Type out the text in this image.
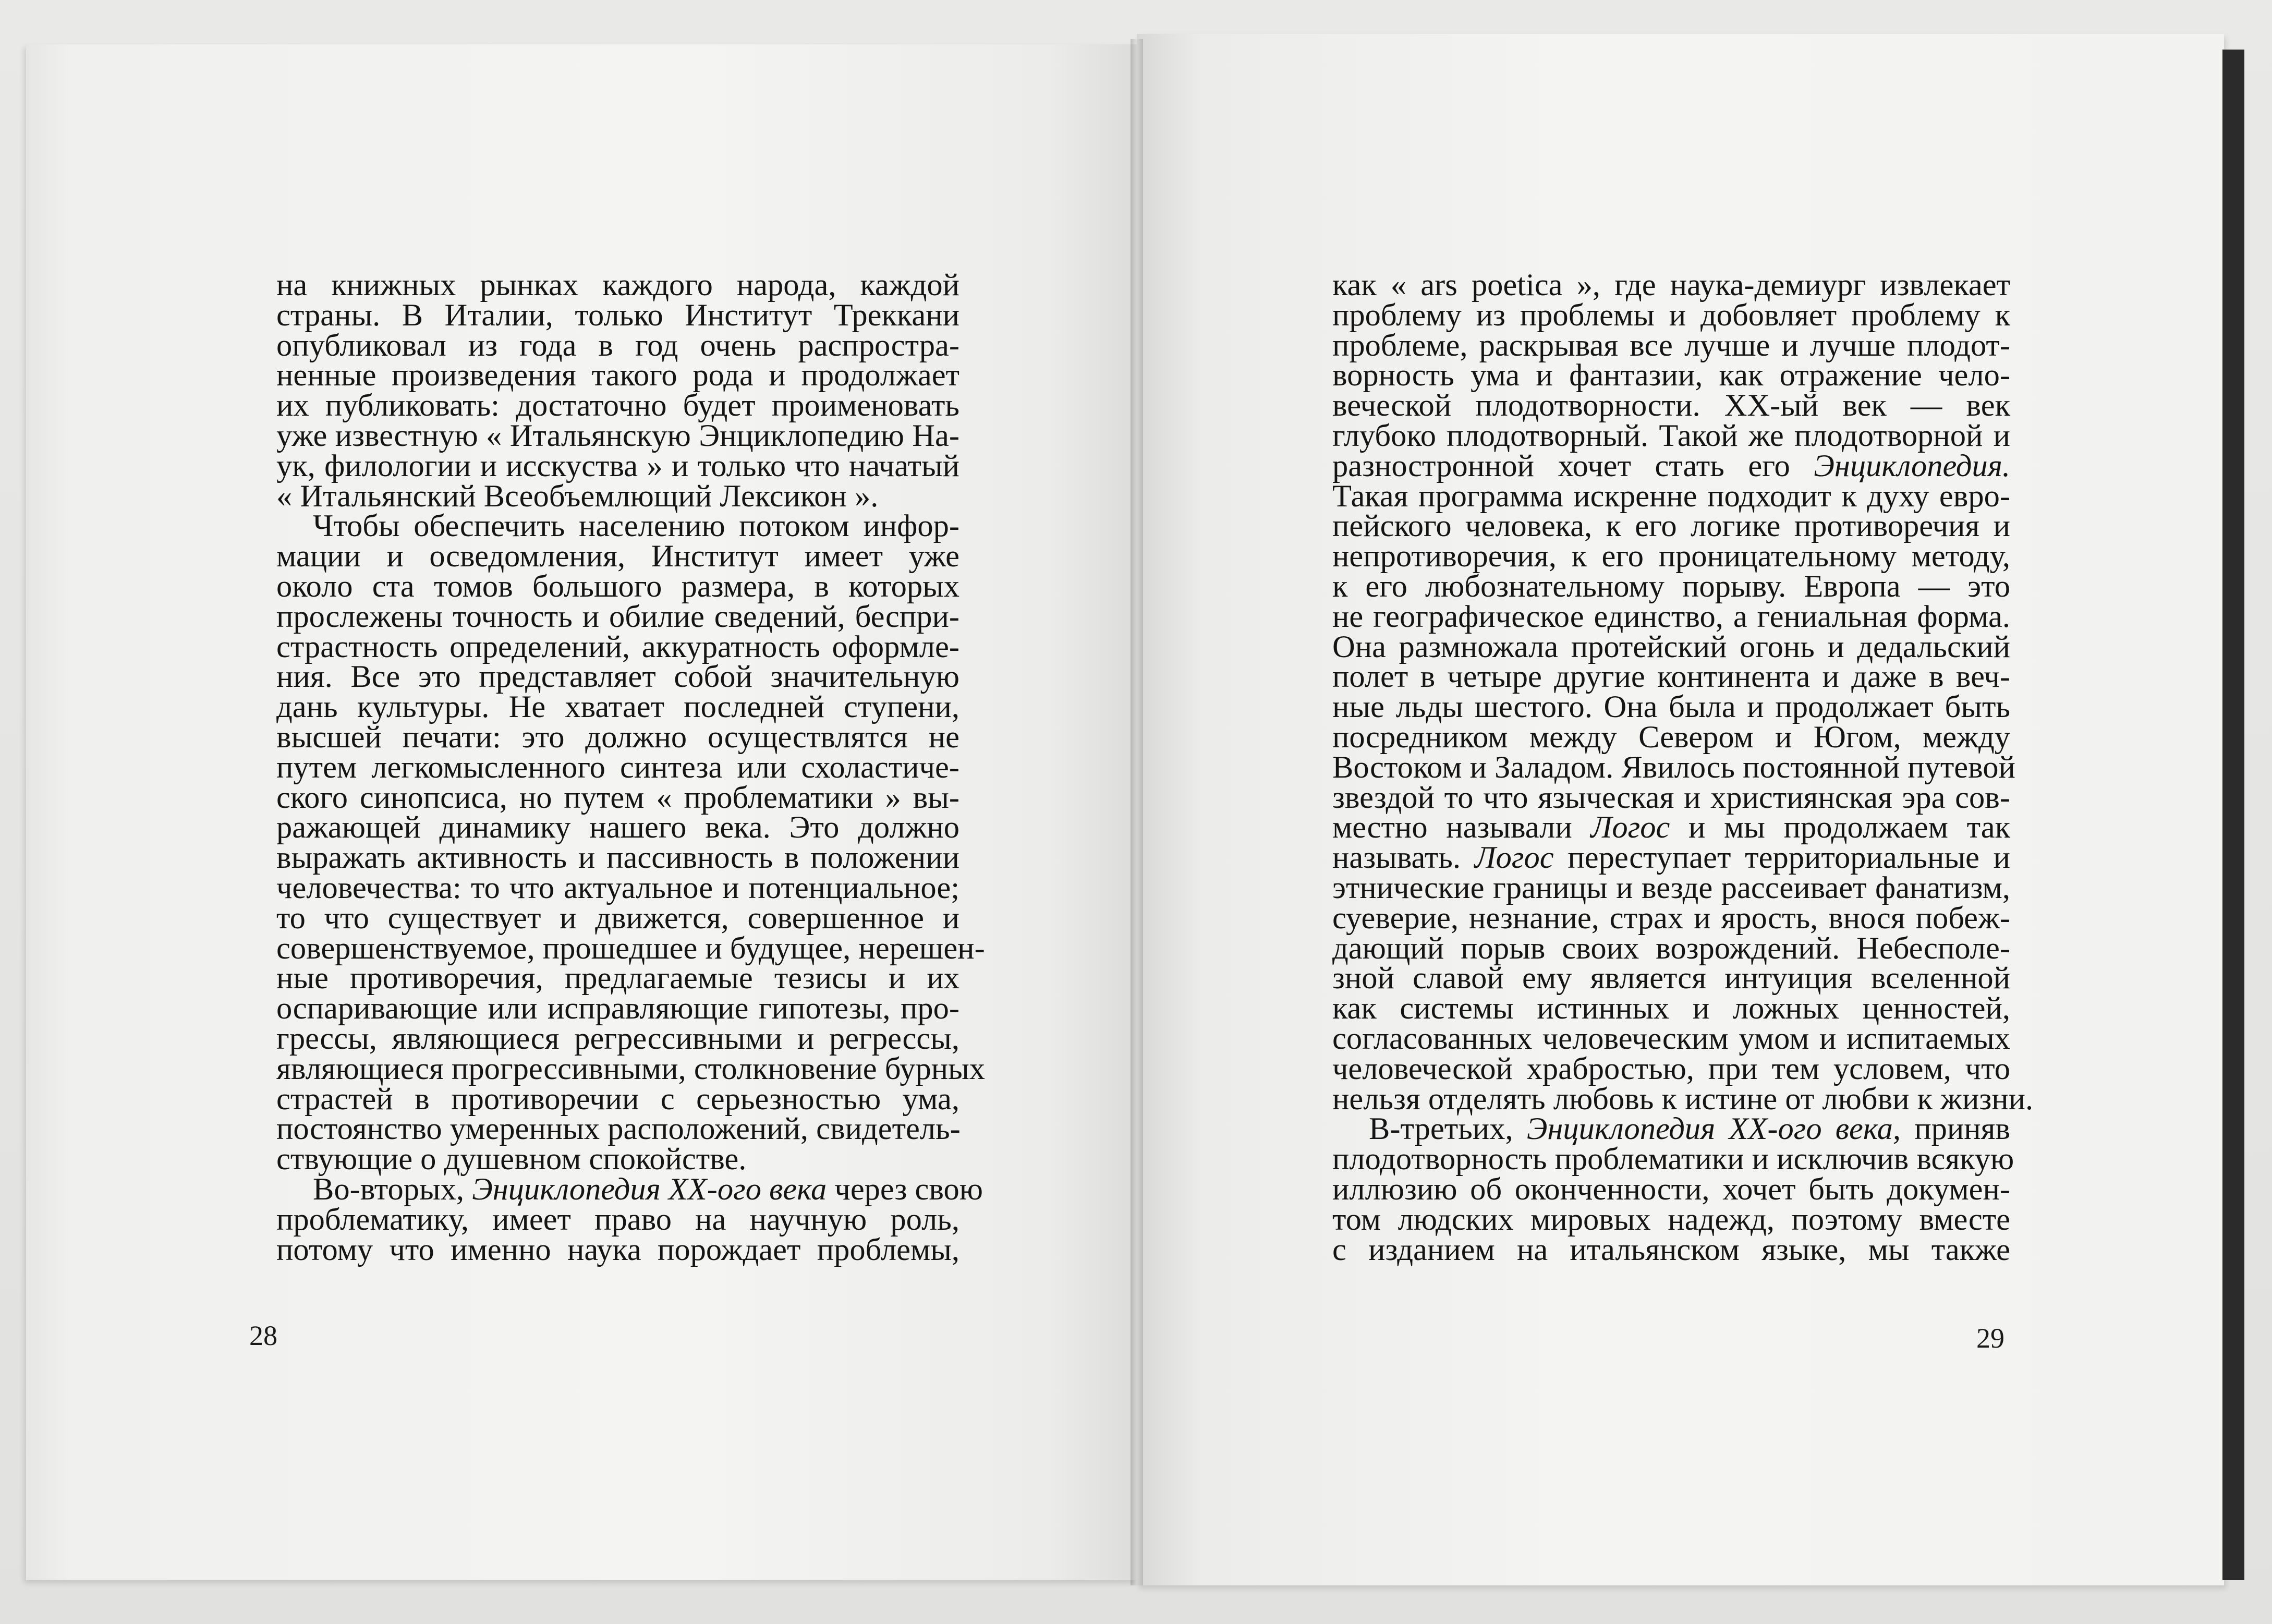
на книжных рынках каждого народа, каждой
страны. В Италии, только Институт Треккани
опубликовал из года в год очень распростра-
ненные произведения такого рода и продолжает
их публиковать: достаточно будет проименовать
уже известную « Итальянскую Энциклопедию На-
ук, филологии и исскуства » и только что начатый
« Итальянский Всеобъемлющий Лексикон ».
Чтобы обеспечить населению потоком инфор-
мации и осведомления, Институт имеет уже
около ста томов большого размера, в которых
прослежены точность и обилие сведений, беспри-
страстность определений, аккуратность оформле-
ния. Все это представляет собой значительную
дань культуры. Не хватает последней ступени,
высшей печати: это должно осуществлятся не
путем легкомысленного синтеза или схоластиче-
ского синопсиса, но путем « проблематики » вы-
ражающей динамику нашего века. Это должно
выражать активность и пассивность в положении
человечества: то что актуальное и потенциальное;
то что существует и движется, совершенное и
совершенствуемое, прошедшее и будущее, нерешен-
ные противоречия, предлагаемые тезисы и их
оспаривающие или исправляющие гипотезы, про-
грессы, являющиеся регрессивными и регрессы,
являющиеся прогрессивными, столкновение бурных
страстей в противоречии с серьезностью ума,
постоянство умеренных расположений, свидетель-
ствующие о душевном спокойстве.
Во-вторых, Энциклопедия XX-ого века через свою
проблематику, имеет право на научную роль,
потому что именно наука порождает проблемы,
28
как « ars poetica », где наука-демиург извлекает
проблему из проблемы и добовляет проблему к
проблеме, раскрывая все лучше и лучше плодот-
ворность ума и фантазии, как отражение чело-
веческой плодотворности. XX-ый век — век
глубоко плодотворный. Такой же плодотворной и
разностронной хочет стать его Энциклопедия.
Такая программа искренне подходит к духу евро-
пейского человека, к его логике противоречия и
непротиворечия, к его проницательному методу,
к его любознательному порыву. Европа — это
не географическое единство, а гениальная форма.
Она размножала протейский огонь и дедальский
полет в четыре другие континента и даже в веч-
ные льды шестого. Она была и продолжает быть
посредником между Севером и Югом, между
Востоком и Заладом. Явилось постоянной путевой
звездой то что языческая и християнская эра сов-
местно называли Логос и мы продолжаем так
называть. Логос переступает территориальные и
этнические границы и везде рассеивает фанатизм,
суеверие, незнание, страх и ярость, внося побеж-
дающий порыв своих возрождений. Небесполе-
зной славой ему является интуиция вселенной
как системы истинных и ложных ценностей,
согласованных человеческим умом и испитаемых
человеческой храбростью, при тем условем, что
нельзя отделять любовь к истине от любви к жизни.
В-третьих, Энциклопедия XX-ого века, приняв
плодотворность проблематики и исключив всякую
иллюзию об оконченности, хочет быть докумен-
том людских мировых надежд, поэтому вместе
с изданием на итальянском языке, мы также
29
